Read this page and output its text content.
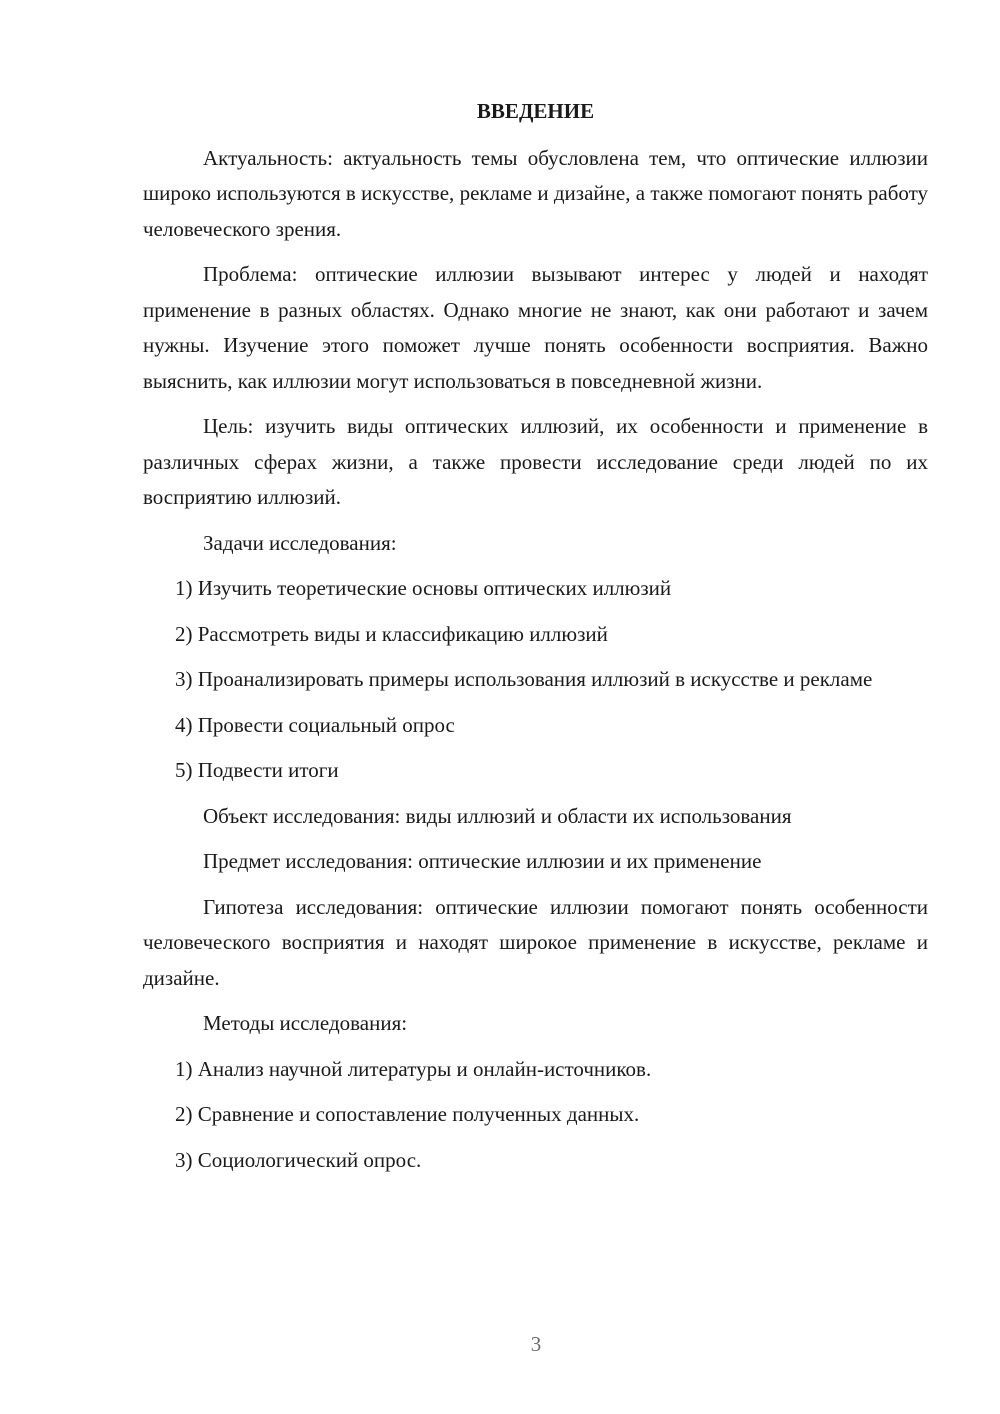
ВВЕДЕНИЕ

Актуальность: актуальность темы обусловлена тем, что оптические иллюзии широко используются в искусстве, рекламе и дизайне, а также помогают понять работу человеческого зрения.

Проблема: оптические иллюзии вызывают интерес у людей и находят применение в разных областях. Однако многие не знают, как они работают и зачем нужны. Изучение этого поможет лучше понять особенности восприятия. Важно выяснить, как иллюзии могут использоваться в повседневной жизни.

Цель: изучить виды оптических иллюзий, их особенности и применение в различных сферах жизни, а также провести исследование среди людей по их восприятию иллюзий.

Задачи исследования:

1) Изучить теоретические основы оптических иллюзий

2) Рассмотреть виды и классификацию иллюзий

3) Проанализировать примеры использования иллюзий в искусстве и рекламе

4) Провести социальный опрос

5) Подвести итоги

Объект исследования: виды иллюзий и области их использования

Предмет исследования: оптические иллюзии и их применение

Гипотеза исследования: оптические иллюзии помогают понять особенности человеческого восприятия и находят широкое применение в искусстве, рекламе и дизайне.

Методы исследования:

1) Анализ научной литературы и онлайн-источников.

2) Сравнение и сопоставление полученных данных.

3) Социологический опрос.

3
